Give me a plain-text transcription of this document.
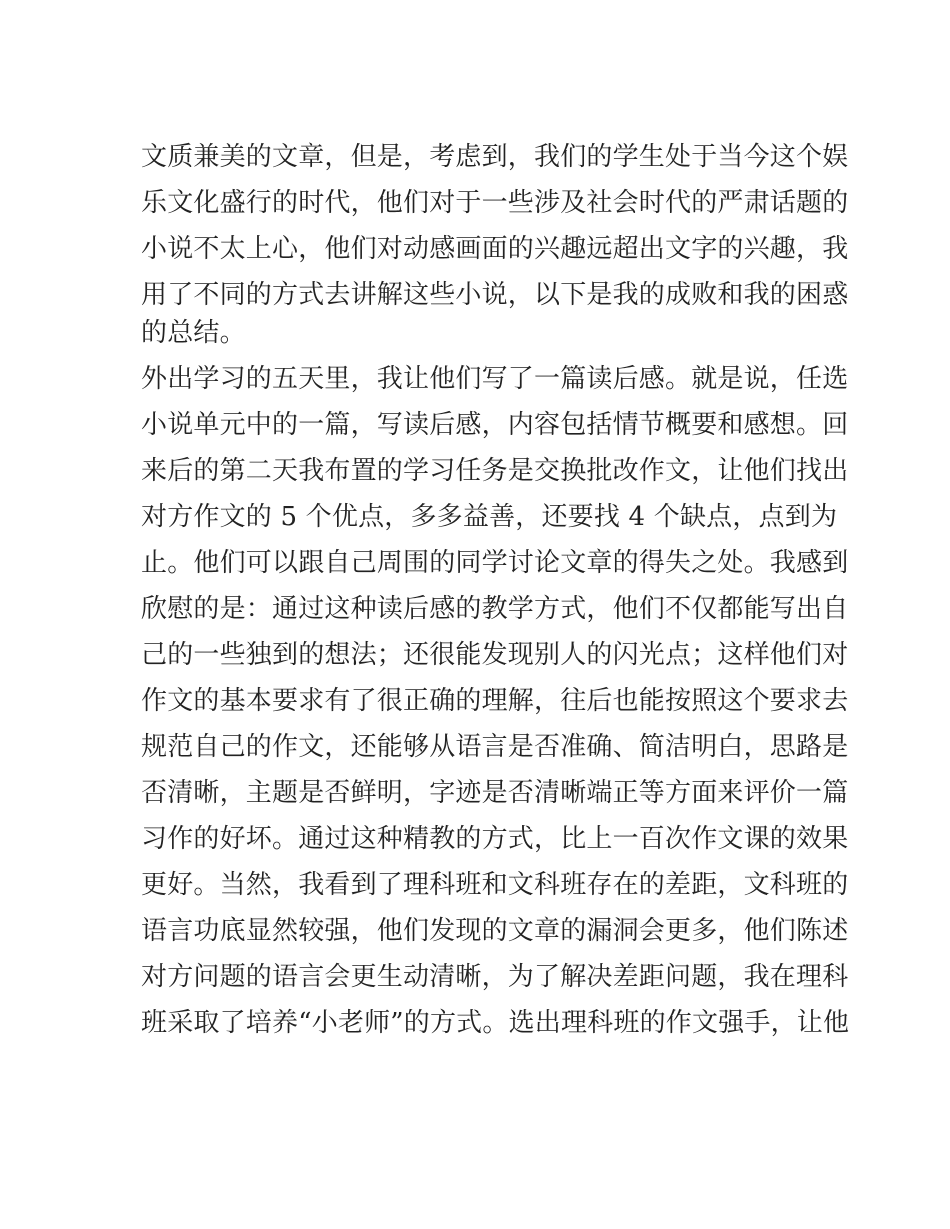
文质兼美的文章，但是，考虑到，我们的学生处于当今这个娱

乐文化盛行的时代，他们对于一些涉及社会时代的严肃话题的

小说不太上心，他们对动感画面的兴趣远超出文字的兴趣，我

用了不同的方式去讲解这些小说，以下是我的成败和我的困惑

的总结。

外出学习的五天里，我让他们写了一篇读后感。就是说，任选

小说单元中的一篇，写读后感，内容包括情节概要和感想。回

来后的第二天我布置的学习任务是交换批改作文，让他们找出

对方作文的 5 个优点，多多益善，还要找 4 个缺点，点到为

止。他们可以跟自己周围的同学讨论文章的得失之处。我感到

欣慰的是：通过这种读后感的教学方式，他们不仅都能写出自

己的一些独到的想法；还很能发现别人的闪光点；这样他们对

作文的基本要求有了很正确的理解，往后也能按照这个要求去

规范自己的作文，还能够从语言是否准确、简洁明白，思路是

否清晰，主题是否鲜明，字迹是否清晰端正等方面来评价一篇

习作的好坏。通过这种精教的方式，比上一百次作文课的效果

更好。当然，我看到了理科班和文科班存在的差距，文科班的

语言功底显然较强，他们发现的文章的漏洞会更多，他们陈述

对方问题的语言会更生动清晰，为了解决差距问题，我在理科

班采取了培养“小老师”的方式。选出理科班的作文强手，让他
